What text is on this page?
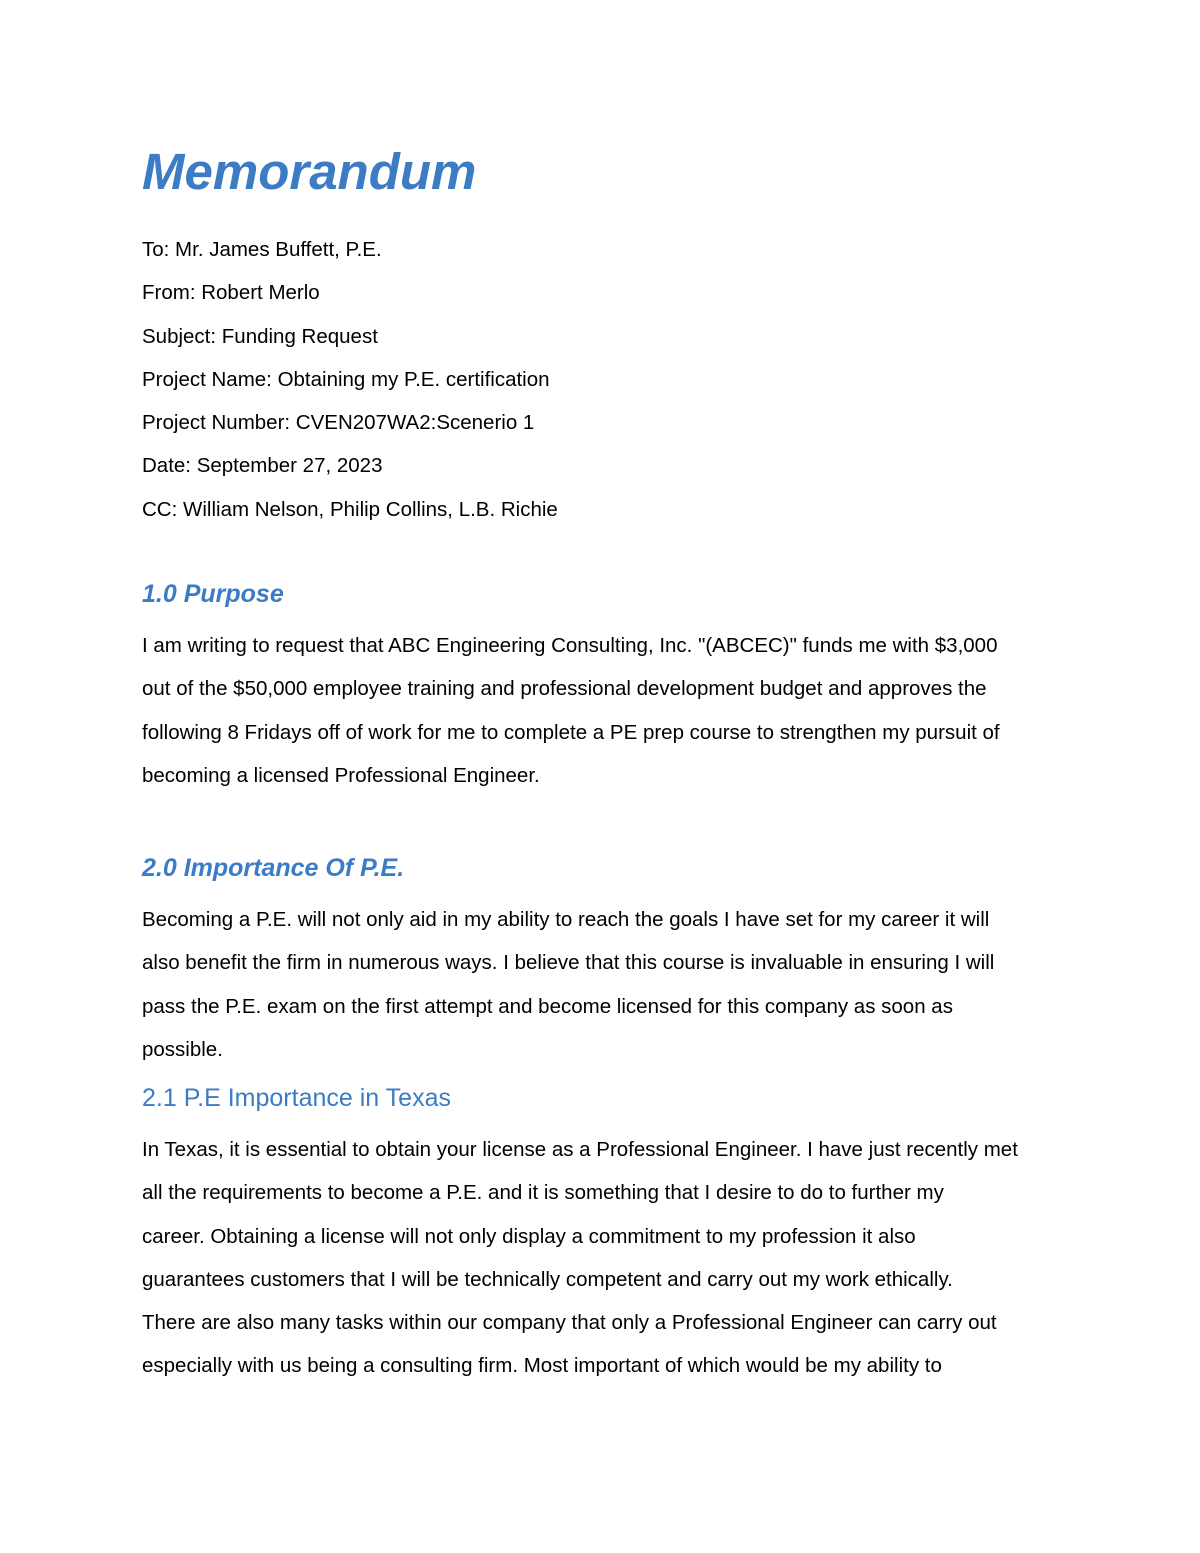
Memorandum
To: Mr. James Buffett, P.E.
From: Robert Merlo
Subject: Funding Request
Project Name: Obtaining my P.E. certification
Project Number: CVEN207WA2:Scenerio 1
Date: September 27, 2023
CC: William Nelson, Philip Collins, L.B. Richie
1.0 Purpose

I am writing to request that ABC Engineering Consulting, Inc. "(ABCEC)" funds me with $3,000
out of the $50,000 employee training and professional development budget and approves the
following 8 Fridays off of work for me to complete a PE prep course to strengthen my pursuit of
becoming a licensed Professional Engineer.

2.0 Importance Of P.E.

Becoming a P.E. will not only aid in my ability to reach the goals I have set for my career it will
also benefit the firm in numerous ways. I believe that this course is invaluable in ensuring I will
pass the P.E. exam on the first attempt and become licensed for this company as soon as
possible.

2.1 P.E Importance in Texas

In Texas, it is essential to obtain your license as a Professional Engineer. I have just recently met
all the requirements to become a P.E. and it is something that I desire to do to further my
career. Obtaining a license will not only display a commitment to my profession it also
guarantees customers that I will be technically competent and carry out my work ethically.
There are also many tasks within our company that only a Professional Engineer can carry out
especially with us being a consulting firm. Most important of which would be my ability to
